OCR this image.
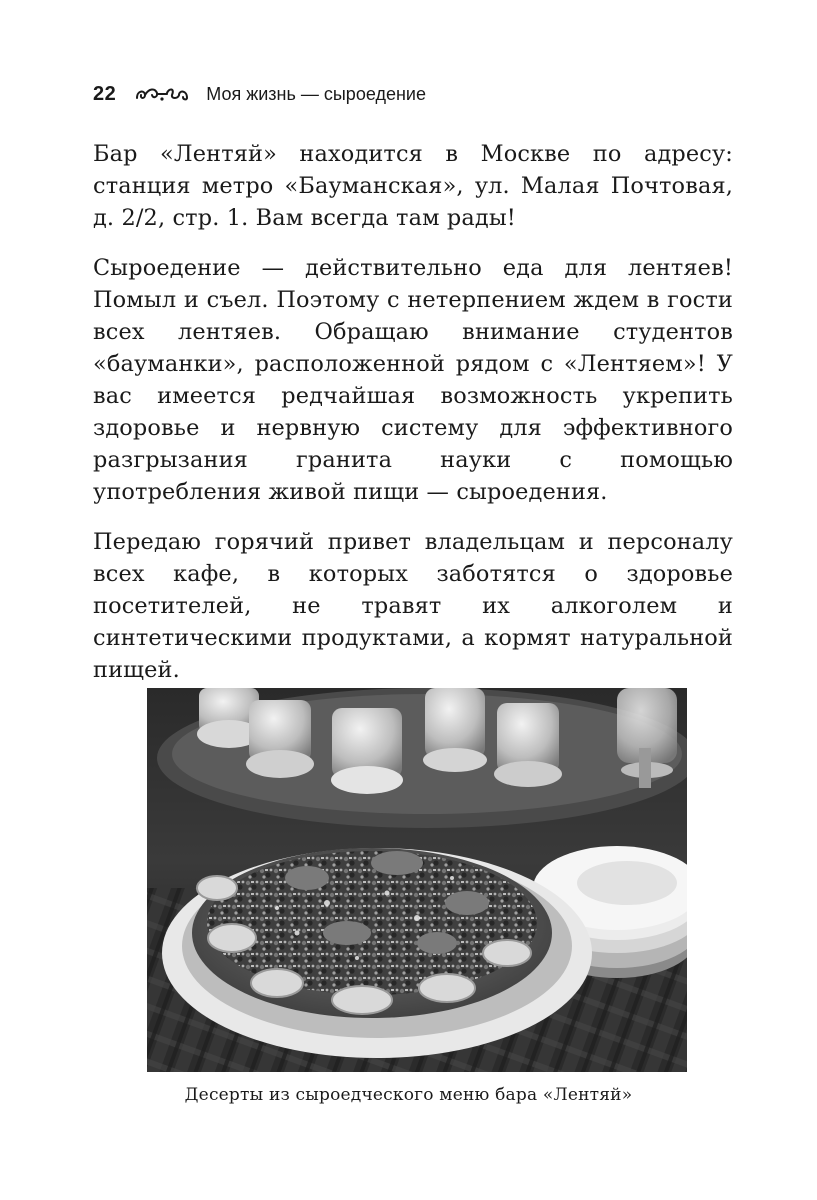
22	Моя жизнь — сыроедение

Бар «Лентяй» находится в Москве по адресу: станция метро «Бауманская», ул. Малая Почтовая, д. 2/2, стр. 1. Вам всегда там рады!

Сыроедение — действительно еда для лентяев! Помыл и съел. Поэтому с нетерпением ждем в гости всех лентяев. Обращаю внимание студентов «бауманки», расположенной рядом с «Лентяем»! У вас имеется редчайшая возможность укрепить здоровье и нервную систему для эффективного разгрызания гранита науки с помощью употребления живой пищи — сыроедения.

Передаю горячий привет владельцам и персоналу всех кафе, в которых заботятся о здоровье посетителей, не травят их алкоголем и синтетическими продуктами, а кормят натуральной пищей.

Десерты из сыроедческого меню бара «Лентяй»
